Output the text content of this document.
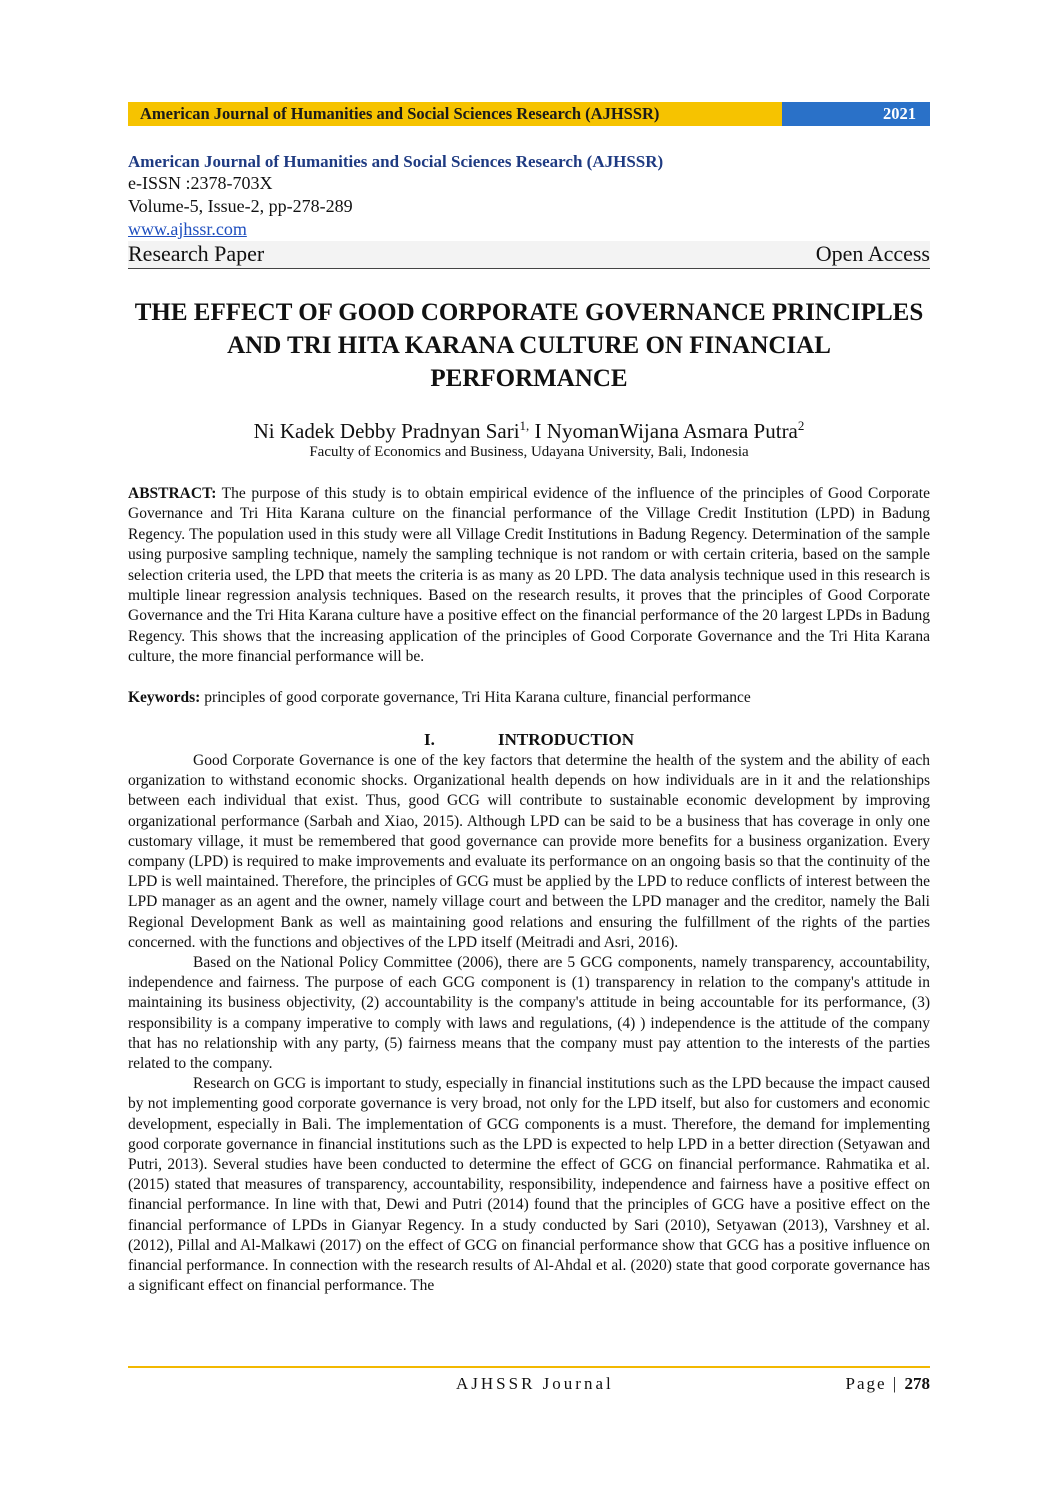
American Journal of Humanities and Social Sciences Research (AJHSSR)	2021
American Journal of Humanities and Social Sciences Research (AJHSSR)
e-ISSN :2378-703X
Volume-5, Issue-2, pp-278-289
www.ajhssr.com
Research Paper	Open Access
THE EFFECT OF GOOD CORPORATE GOVERNANCE PRINCIPLES AND TRI HITA KARANA CULTURE ON FINANCIAL PERFORMANCE
Ni Kadek Debby Pradnyan Sari$^{1,}$ I NyomanWijana Asmara Putra$^2$
Faculty of Economics and Business, Udayana University, Bali, Indonesia
ABSTRACT: The purpose of this study is to obtain empirical evidence of the influence of the principles of Good Corporate Governance and Tri Hita Karana culture on the financial performance of the Village Credit Institution (LPD) in Badung Regency. The population used in this study were all Village Credit Institutions in Badung Regency. Determination of the sample using purposive sampling technique, namely the sampling technique is not random or with certain criteria, based on the sample selection criteria used, the LPD that meets the criteria is as many as 20 LPD. The data analysis technique used in this research is multiple linear regression analysis techniques. Based on the research results, it proves that the principles of Good Corporate Governance and the Tri Hita Karana culture have a positive effect on the financial performance of the 20 largest LPDs in Badung Regency. This shows that the increasing application of the principles of Good Corporate Governance and the Tri Hita Karana culture, the more financial performance will be.
Keywords: principles of good corporate governance, Tri Hita Karana culture, financial performance
I.	INTRODUCTION

Good Corporate Governance is one of the key factors that determine the health of the system and the ability of each organization to withstand economic shocks. Organizational health depends on how individuals are in it and the relationships between each individual that exist. Thus, good GCG will contribute to sustainable economic development by improving organizational performance (Sarbah and Xiao, 2015). Although LPD can be said to be a business that has coverage in only one customary village, it must be remembered that good governance can provide more benefits for a business organization. Every company (LPD) is required to make improvements and evaluate its performance on an ongoing basis so that the continuity of the LPD is well maintained. Therefore, the principles of GCG must be applied by the LPD to reduce conflicts of interest between the LPD manager as an agent and the owner, namely village court and between the LPD manager and the creditor, namely the Bali Regional Development Bank as well as maintaining good relations and ensuring the fulfillment of the rights of the parties concerned. with the functions and objectives of the LPD itself (Meitradi and Asri, 2016).

Based on the National Policy Committee (2006), there are 5 GCG components, namely transparency, accountability, independence and fairness. The purpose of each GCG component is (1) transparency in relation to the company's attitude in maintaining its business objectivity, (2) accountability is the company's attitude in being accountable for its performance, (3) responsibility is a company imperative to comply with laws and regulations, (4) ) independence is the attitude of the company that has no relationship with any party, (5) fairness means that the company must pay attention to the interests of the parties related to the company.

Research on GCG is important to study, especially in financial institutions such as the LPD because the impact caused by not implementing good corporate governance is very broad, not only for the LPD itself, but also for customers and economic development, especially in Bali. The implementation of GCG components is a must. Therefore, the demand for implementing good corporate governance in financial institutions such as the LPD is expected to help LPD in a better direction (Setyawan and Putri, 2013). Several studies have been conducted to determine the effect of GCG on financial performance. Rahmatika et al. (2015) stated that measures of transparency, accountability, responsibility, independence and fairness have a positive effect on financial performance. In line with that, Dewi and Putri (2014) found that the principles of GCG have a positive effect on the financial performance of LPDs in Gianyar Regency. In a study conducted by Sari (2010), Setyawan (2013), Varshney et al. (2012), Pillal and Al-Malkawi (2017) on the effect of GCG on financial performance show that GCG has a positive influence on financial performance. In connection with the research results of Al-Ahdal et al. (2020) state that good corporate governance has a significant effect on financial performance. The

AJHSSR Journal	Page | 278
